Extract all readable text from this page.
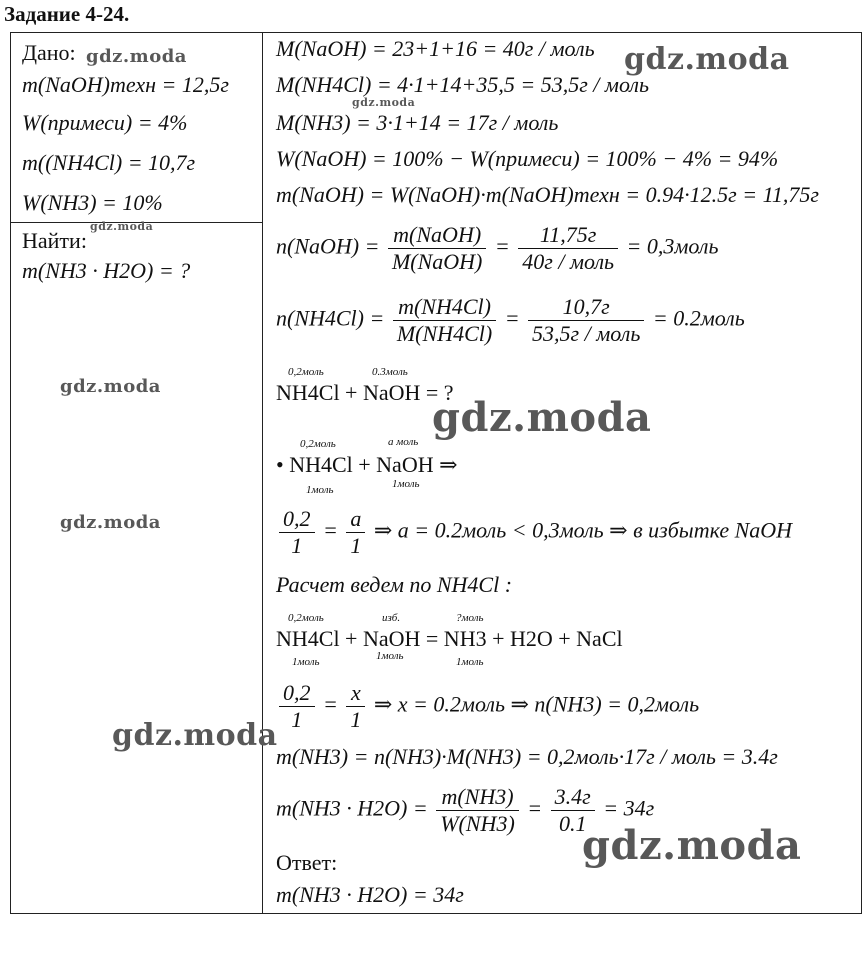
Задание 4-24.
Дано:
m(NaOH)техн = 12,5г
W(примеси) = 4%
m((NH4Cl) = 10,7г
W(NH3) = 10%
Найти:
m(NH3 · H2O) = ?
M(NaOH) = 23+1+16 = 40г / моль
M(NH4Cl) = 4·1+14+35,5 = 53,5г / моль
M(NH3) = 3·1+14 = 17г / моль
W(NaOH) = 100% − W(примеси) = 100% − 4% = 94%
m(NaOH) = W(NaOH)·m(NaOH)техн = 0.94·12.5г = 11,75г
n(NaOH) = $\frac{\text{m(NaOH)}}{\text{M(NaOH)}} = \frac{11,75г}{\text{40г / моль}}$ = 0,3моль
$n(NH4Cl) = \frac{m(NH4Cl)}{M(NH4Cl)} = \frac{10,7г}{\text{53,5г / моль}}$ = 0.2моль
0,2моль	0.3моль
NH4Cl + NaOH = ?
0,2моль	a моль
• NH4Cl + NaOH ⇒
1моль	1моль
$\frac{0,2}{1} = \frac{a}{1}$ ⇒ a = 0.2моль < 0,3моль ⇒ в избытке NaOH
Расчет ведем по NH4Cl :
0,2моль	изб.	?моль
NH4Cl + NaOH = NH3 + H2O + NaCl
1моль	1моль	1моль
$\frac{0,2}{1} = \frac{x}{1}$ ⇒ x = 0.2моль ⇒ n(NH3) = 0,2моль
m(NH3) = n(NH3)·M(NH3) = 0,2моль·17г / моль = 3.4г
$m(NH3 \cdot H2O) = \frac{m(NH3)}{W(NH3)} = \frac{3.4г}{0.1} = 34г$
Ответ:
m(NH3 · H2O) = 34г
gdz.moda	gdz.moda
gdz.moda
gdz.moda
gdz.moda
gdz.moda
gdz.moda
gdz.moda
gdz.moda
